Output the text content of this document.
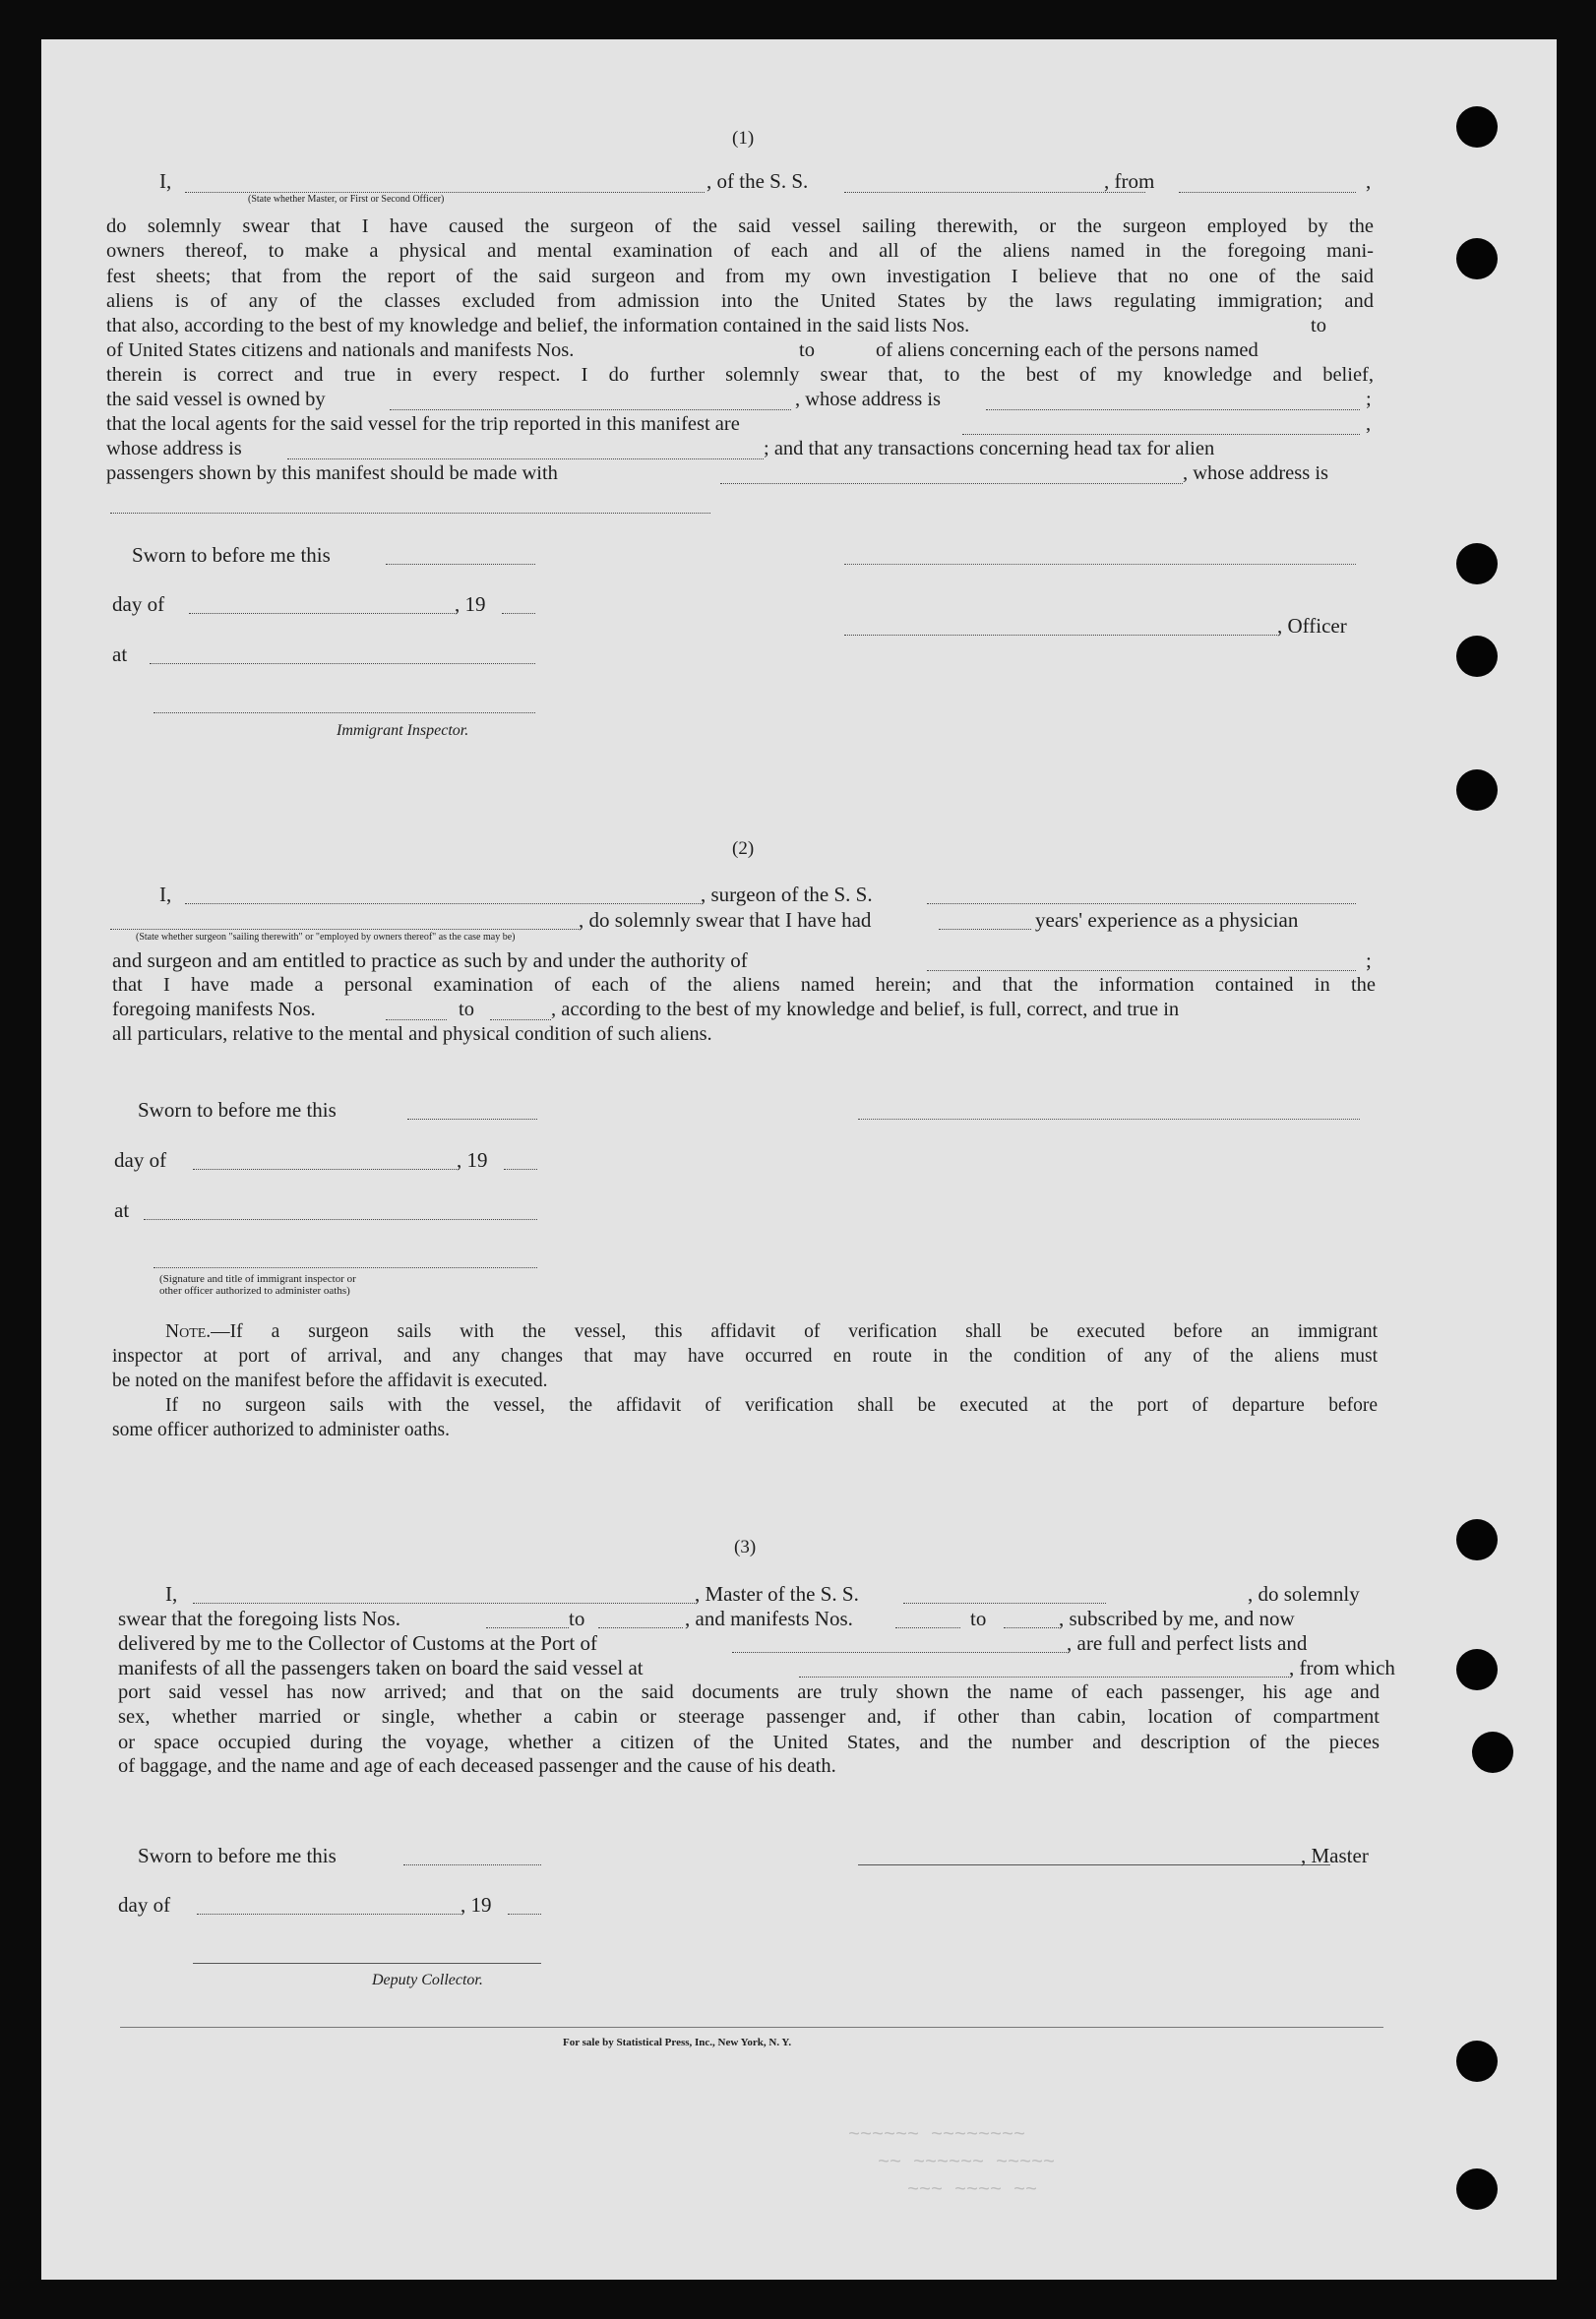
(1)
I,
(State whether Master, or First or Second Officer)
, of the S. S.	, from	,
do solemnly swear that I have caused the surgeon of the said vessel sailing therewith, or the surgeon employed by the
owners thereof, to make a physical and mental examination of each and all of the aliens named in the foregoing mani-
fest sheets; that from the report of the said surgeon and from my own investigation I believe that no one of the said
aliens is of any of the classes excluded from admission into the United States by the laws regulating immigration; and
that also, according to the best of my knowledge and belief, the information contained in the said lists Nos.	to
of United States citizens and nationals and manifests Nos.	to	of aliens concerning each of the persons named
therein is correct and true in every respect. I do further solemnly swear that, to the best of my knowledge and belief,
the said vessel is owned by	, whose address is	;
that the local agents for the said vessel for the trip reported in this manifest are	,
whose address is	; and that any transactions concerning head tax for alien
passengers shown by this manifest should be made with	, whose address is
Sworn to before me this
day of	, 19
, Officer
at
Immigrant Inspector.
(2)
I,	, surgeon of the S. S.
, do solemnly swear that I have had	years' experience as a physician
(State whether surgeon "sailing therewith" or "employed by owners thereof" as the case may be)
and surgeon and am entitled to practice as such by and under the authority of	;
that I have made a personal examination of each of the aliens named herein; and that the information contained in the
foregoing manifests Nos.	to	, according to the best of my knowledge and belief, is full, correct, and true in
all particulars, relative to the mental and physical condition of such aliens.
Sworn to before me this
day of	, 19
at
(Signature and title of immigrant inspector or
other officer authorized to administer oaths)
Note.—If a surgeon sails with the vessel, this affidavit of verification shall be executed before an immigrant
inspector at port of arrival, and any changes that may have occurred en route in the condition of any of the aliens must
be noted on the manifest before the affidavit is executed.
If no surgeon sails with the vessel, the affidavit of verification shall be executed at the port of departure before
some officer authorized to administer oaths.
(3)
I,	, Master of the S. S.	, do solemnly
swear that the foregoing lists Nos.	to	, and manifests Nos.	to	, subscribed by me, and now
delivered by me to the Collector of Customs at the Port of	, are full and perfect lists and
manifests of all the passengers taken on board the said vessel at	, from which
port said vessel has now arrived; and that on the said documents are truly shown the name of each passenger, his age and
sex, whether married or single, whether a cabin or steerage passenger and, if other than cabin, location of compartment
or space occupied during the voyage, whether a citizen of the United States, and the number and description of the pieces
of baggage, and the name and age of each deceased passenger and the cause of his death.
Sworn to before me this	, Master
day of	, 19
Deputy Collector.
For sale by Statistical Press, Inc., New York, N. Y.
~~~~~~ ~~~~~~~~
~~ ~~~~~~ ~~~~~
~~~ ~~~~ ~~
